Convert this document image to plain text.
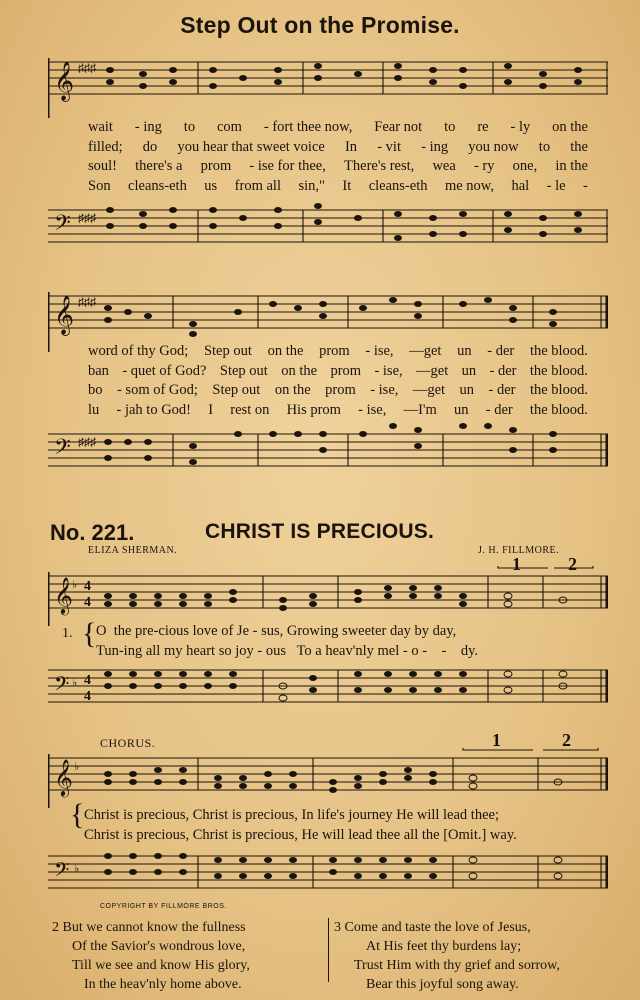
Step Out on the Promise.
𝄞 ♯♯♯
wait - ing to com - fort thee now, Fear not to re - ly on the
filled; do you hear that sweet voice In - vit - ing you now to the
soul! there's a prom - ise for thee, There's rest, wea - ry one, in the
Son cleans-eth us from all sin," It cleans-eth me now, hal - le -
𝄢 ♯♯♯
𝄞 ♯♯♯
word of thy God; Step out on the prom - ise, —get un - der the blood.
ban - quet of God? Step out on the prom - ise, —get un - der the blood.
bo - som of God; Step out on the prom - ise, —get un - der the blood.
lu - jah to God! I rest on His prom - ise, —I'm un - der the blood.
𝄢 ♯♯♯
No. 221.	CHRIST IS PRECIOUS.
ELIZA SHERMAN.	J. H. FILLMORE.
1	2
𝄞 ♭ 4
4
1. { O  the pre-cious love of Je - sus, Growing sweeter day by day,
Tun-ing all my heart so joy - ous   To a heav'nly mel - o -    -    dy.
𝄢 ♭ 4
4
CHORUS.	1	2
𝄞 ♭
{ Christ is precious, Christ is precious, In life's journey He will lead thee;
Christ is precious, Christ is precious, He will lead thee all the [Omit.] way.
𝄢 ♭
COPYRIGHT BY FILLMORE BROS.
2 But we cannot know the fullness
Of the Savior's wondrous love,
Till we see and know His glory,
In the heav'nly home above.
3 Come and taste the love of Jesus,
At His feet thy burdens lay;
Trust Him with thy grief and sorrow,
Bear this joyful song away.
